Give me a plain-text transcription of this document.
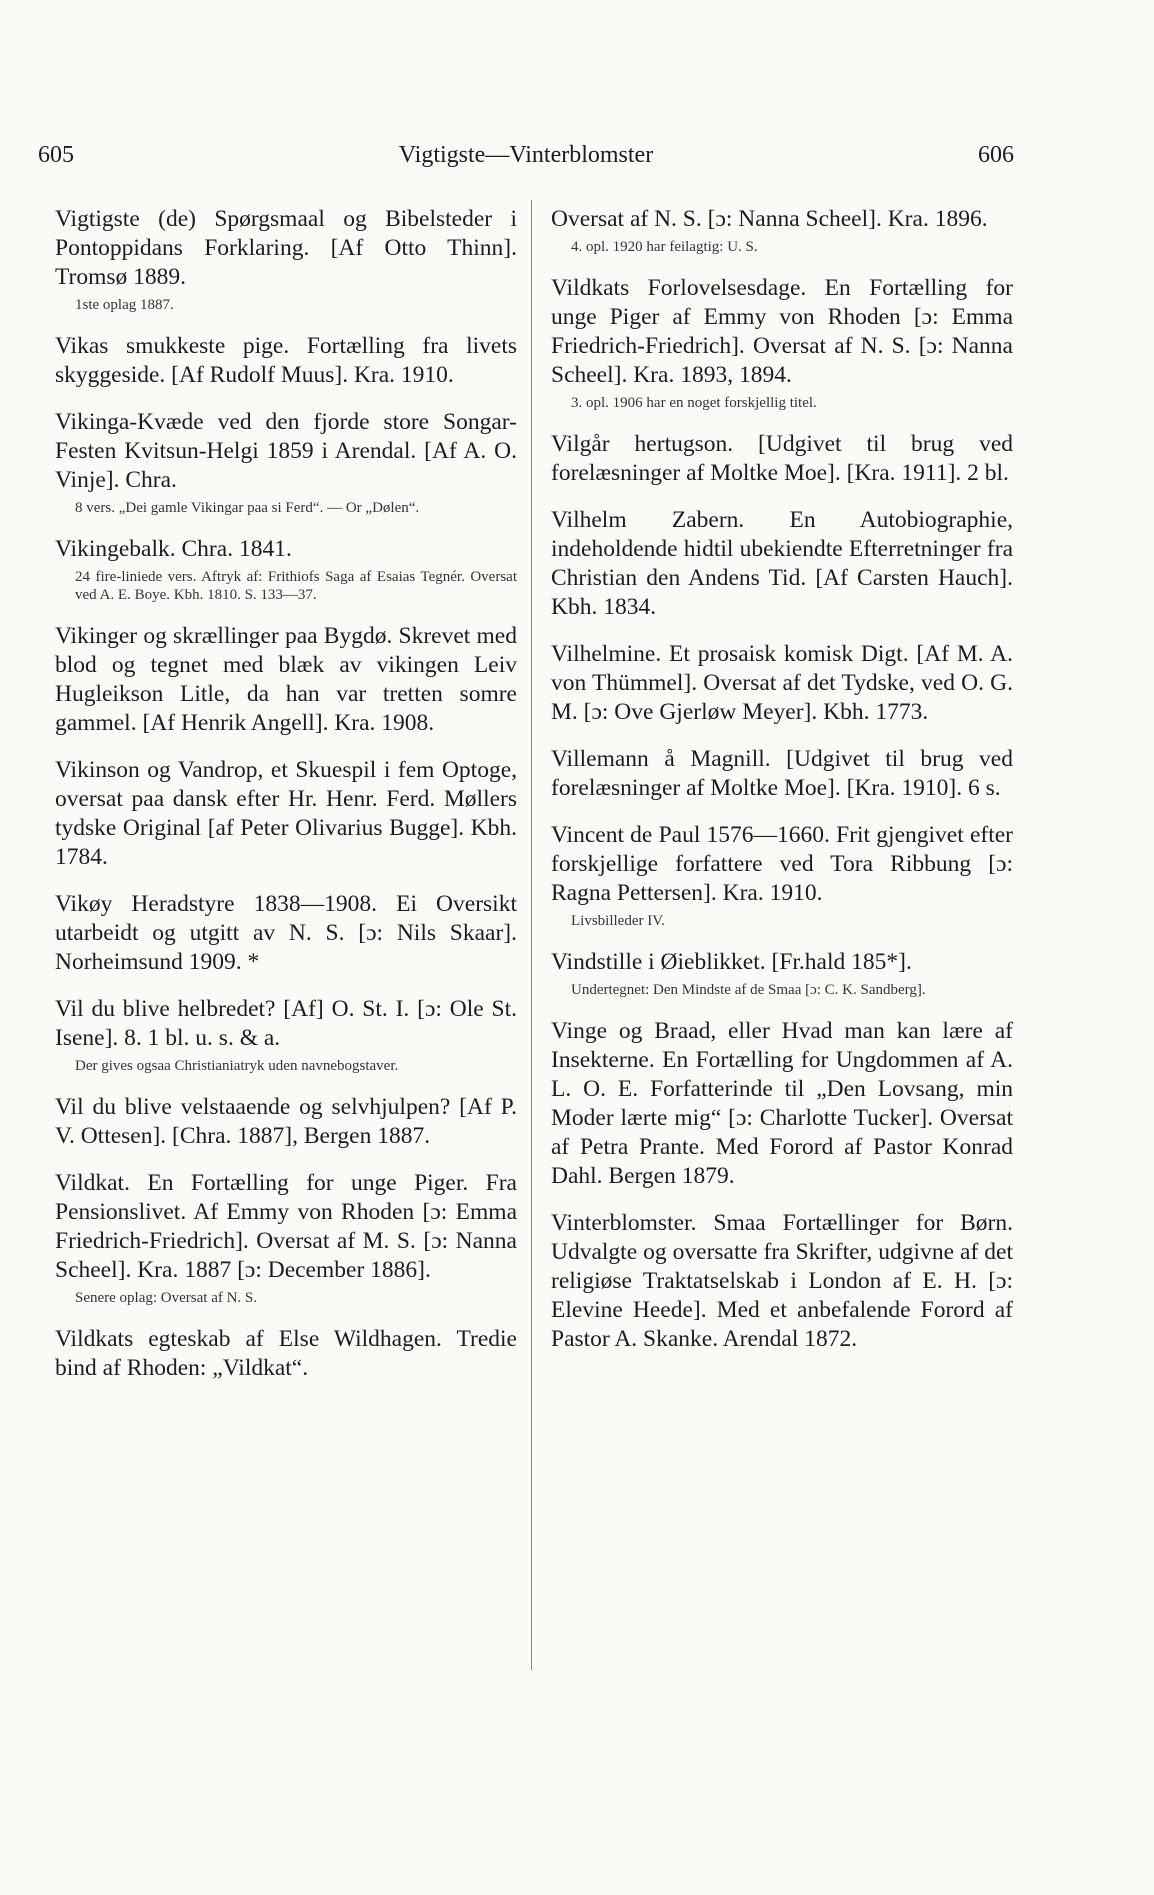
605	Vigtigste—Vinterblomster	606
Vigtigste (de) Spørgsmaal og Bibelsteder i Pontoppidans Forklaring. [Af Otto Thinn]. Tromsø 1889.
1ste oplag 1887.
Vikas smukkeste pige. Fortælling fra livets skyggeside. [Af Rudolf Muus]. Kra. 1910.
Vikinga-Kvæde ved den fjorde store Songar-Festen Kvitsun-Helgi 1859 i Arendal. [Af A. O. Vinje]. Chra.
8 vers. „Dei gamle Vikingar paa si Ferd“. — Or „Dølen“.
Vikingebalk. Chra. 1841.
24 fire-liniede vers. Aftryk af: Frithiofs Saga af Esaias Tegnér. Oversat ved A. E. Boye. Kbh. 1810. S. 133—37.
Vikinger og skrællinger paa Bygdø. Skrevet med blod og tegnet med blæk av vikingen Leiv Hugleikson Litle, da han var tretten somre gammel. [Af Henrik Angell]. Kra. 1908.
Vikinson og Vandrop, et Skuespil i fem Optoge, oversat paa dansk efter Hr. Henr. Ferd. Møllers tydske Original [af Peter Olivarius Bugge]. Kbh. 1784.
Vikøy Heradstyre 1838—1908. Ei Oversikt utarbeidt og utgitt av N. S. [ɔ: Nils Skaar]. Norheimsund 1909. *
Vil du blive helbredet? [Af] O. St. I. [ɔ: Ole St. Isene]. 8. 1 bl. u. s. & a.
Der gives ogsaa Christianiatryk uden navnebogstaver.
Vil du blive velstaaende og selvhjulpen? [Af P. V. Ottesen]. [Chra. 1887], Bergen 1887.
Vildkat. En Fortælling for unge Piger. Fra Pensionslivet. Af Emmy von Rhoden [ɔ: Emma Friedrich-Friedrich]. Oversat af M. S. [ɔ: Nanna Scheel]. Kra. 1887 [ɔ: December 1886].
Senere oplag: Oversat af N. S.
Vildkats egteskab af Else Wildhagen. Tredie bind af Rhoden: „Vildkat“.
Oversat af N. S. [ɔ: Nanna Scheel]. Kra. 1896.
4. opl. 1920 har feilagtig: U. S.
Vildkats Forlovelsesdage. En Fortælling for unge Piger af Emmy von Rhoden [ɔ: Emma Friedrich-Friedrich]. Oversat af N. S. [ɔ: Nanna Scheel]. Kra. 1893, 1894.
3. opl. 1906 har en noget forskjellig titel.
Vilgår hertugson. [Udgivet til brug ved forelæsninger af Moltke Moe]. [Kra. 1911]. 2 bl.
Vilhelm Zabern. En Autobiographie, indeholdende hidtil ubekiendte Efterretninger fra Christian den Andens Tid. [Af Carsten Hauch]. Kbh. 1834.
Vilhelmine. Et prosaisk komisk Digt. [Af M. A. von Thümmel]. Oversat af det Tydske, ved O. G. M. [ɔ: Ove Gjerløw Meyer]. Kbh. 1773.
Villemann å Magnill. [Udgivet til brug ved forelæsninger af Moltke Moe]. [Kra. 1910]. 6 s.
Vincent de Paul 1576—1660. Frit gjengivet efter forskjellige forfattere ved Tora Ribbung [ɔ: Ragna Pettersen]. Kra. 1910.
Livsbilleder IV.
Vindstille i Øieblikket. [Fr.hald 185*].
Undertegnet: Den Mindste af de Smaa [ɔ: C. K. Sandberg].
Vinge og Braad, eller Hvad man kan lære af Insekterne. En Fortælling for Ungdommen af A. L. O. E. Forfatterinde til „Den Lovsang, min Moder lærte mig“ [ɔ: Charlotte Tucker]. Oversat af Petra Prante. Med Forord af Pastor Konrad Dahl. Bergen 1879.
Vinterblomster. Smaa Fortællinger for Børn. Udvalgte og oversatte fra Skrifter, udgivne af det religiøse Traktatselskab i London af E. H. [ɔ: Elevine Heede]. Med et anbefalende Forord af Pastor A. Skanke. Arendal 1872.
